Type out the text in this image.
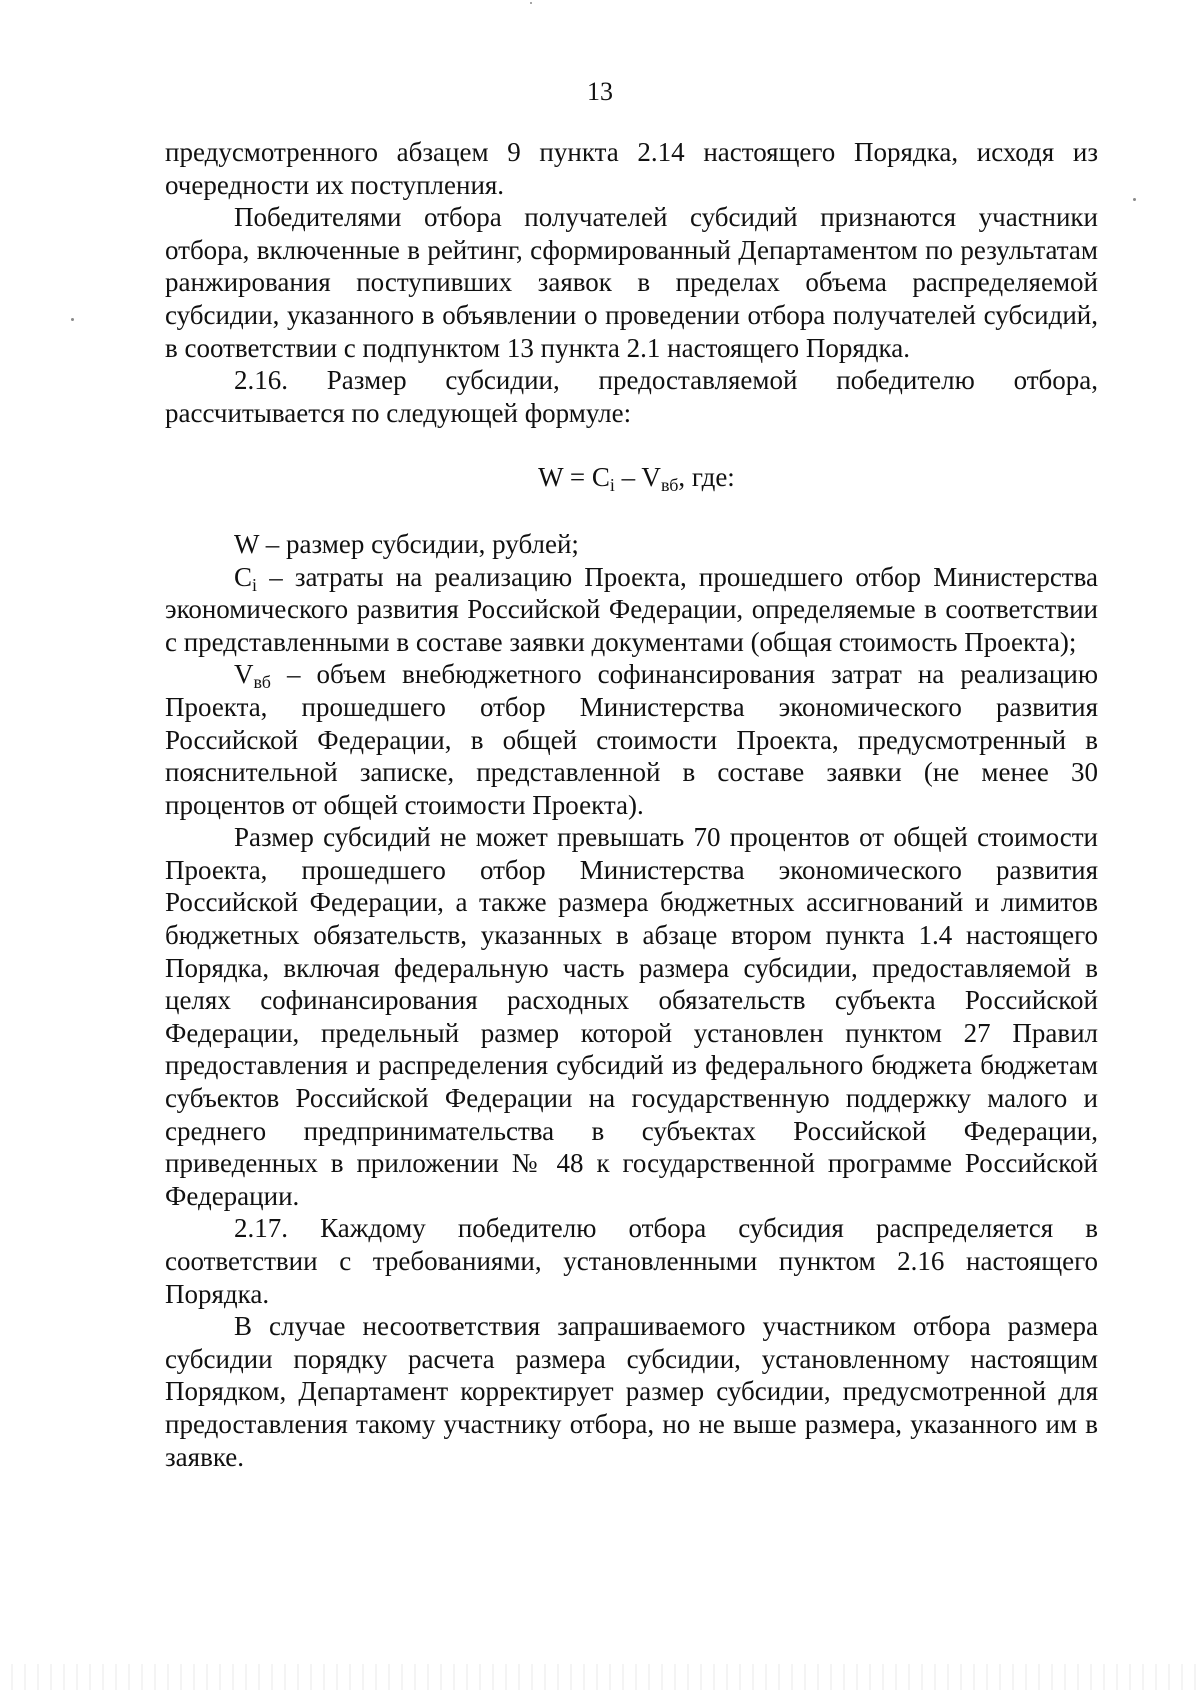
13

предусмотренного абзацем 9 пункта 2.14 настоящего Порядка, исходя из очередности их поступления.

Победителями отбора получателей субсидий признаются участники отбора, включенные в рейтинг, сформированный Департаментом по результатам ранжирования поступивших заявок в пределах объема распределяемой субсидии, указанного в объявлении о проведении отбора получателей субсидий, в соответствии с подпунктом 13 пункта 2.1 настоящего Порядка.

2.16. Размер субсидии, предоставляемой победителю отбора, рассчитывается по следующей формуле:

$W = C_i - V_{вб}$, где:

W – размер субсидии, рублей;

$C_i$ – затраты на реализацию Проекта, прошедшего отбор Министерства экономического развития Российской Федерации, определяемые в соответствии с представленными в составе заявки документами (общая стоимость Проекта);

$V_{вб}$ – объем внебюджетного софинансирования затрат на реализацию Проекта, прошедшего отбор Министерства экономического развития Российской Федерации, в общей стоимости Проекта, предусмотренный в пояснительной записке, представленной в составе заявки (не менее 30 процентов от общей стоимости Проекта).

Размер субсидий не может превышать 70 процентов от общей стоимости Проекта, прошедшего отбор Министерства экономического развития Российской Федерации, а также размера бюджетных ассигнований и лимитов бюджетных обязательств, указанных в абзаце втором пункта 1.4 настоящего Порядка, включая федеральную часть размера субсидии, предоставляемой в целях софинансирования расходных обязательств субъекта Российской Федерации, предельный размер которой установлен пунктом 27 Правил предоставления и распределения субсидий из федерального бюджета бюджетам субъектов Российской Федерации на государственную поддержку малого и среднего предпринимательства в субъектах Российской Федерации, приведенных в приложении № 48 к государственной программе Российской Федерации.

2.17. Каждому победителю отбора субсидия распределяется в соответствии с требованиями, установленными пунктом 2.16 настоящего Порядка.

В случае несоответствия запрашиваемого участником отбора размера субсидии порядку расчета размера субсидии, установленному настоящим Порядком, Департамент корректирует размер субсидии, предусмотренной для предоставления такому участнику отбора, но не выше размера, указанного им в заявке.
